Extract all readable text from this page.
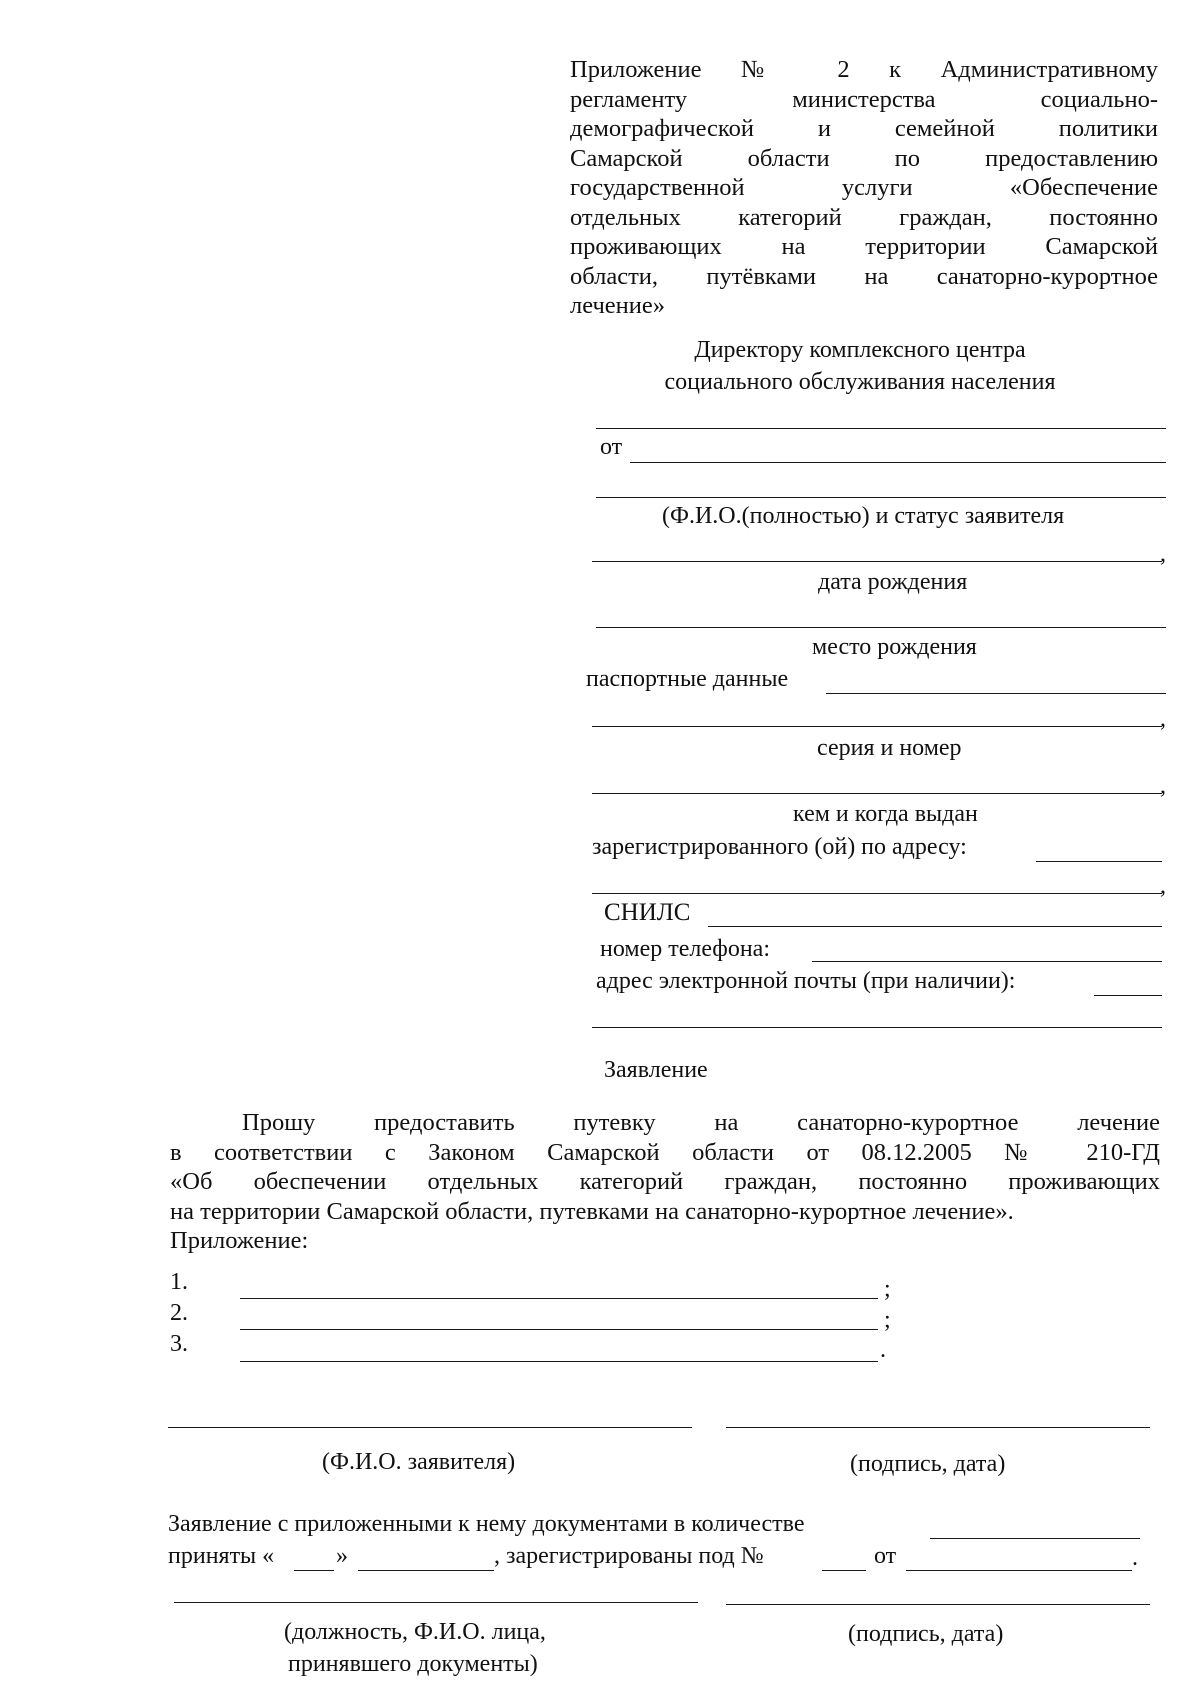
Приложение № 2 к Административному
регламенту министерства социально-
демографической и семейной политики
Самарской области по предоставлению
государственной услуги «Обеспечение
отдельных категорий граждан, постоянно
проживающих на территории Самарской
области, путёвками на санаторно-курортное
лечение»
Директору комплексного центра
социального обслуживания населения
от
(Ф.И.О.(полностью) и статус заявителя
,
дата рождения
место рождения
паспортные данные
,
серия и номер
,
кем и когда выдан
зарегистрированного (ой) по адресу:
,
СНИЛС
номер телефона:
адрес электронной почты (при наличии):
Заявление
Прошу предоставить путевку на санаторно-курортное лечение
в соответствии с Законом Самарской области от 08.12.2005 № 210-ГД
«Об обеспечении отдельных категорий граждан, постоянно проживающих
на территории Самарской области, путевками на санаторно-курортное лечение».
Приложение:
1.	;
2.	;
3.	.
(Ф.И.О. заявителя)	(подпись, дата)
Заявление с приложенными к нему документами в количестве
приняты «	»	, зарегистрированы под №	от	.
(должность, Ф.И.О. лица,
принявшего документы)
(подпись, дата)
